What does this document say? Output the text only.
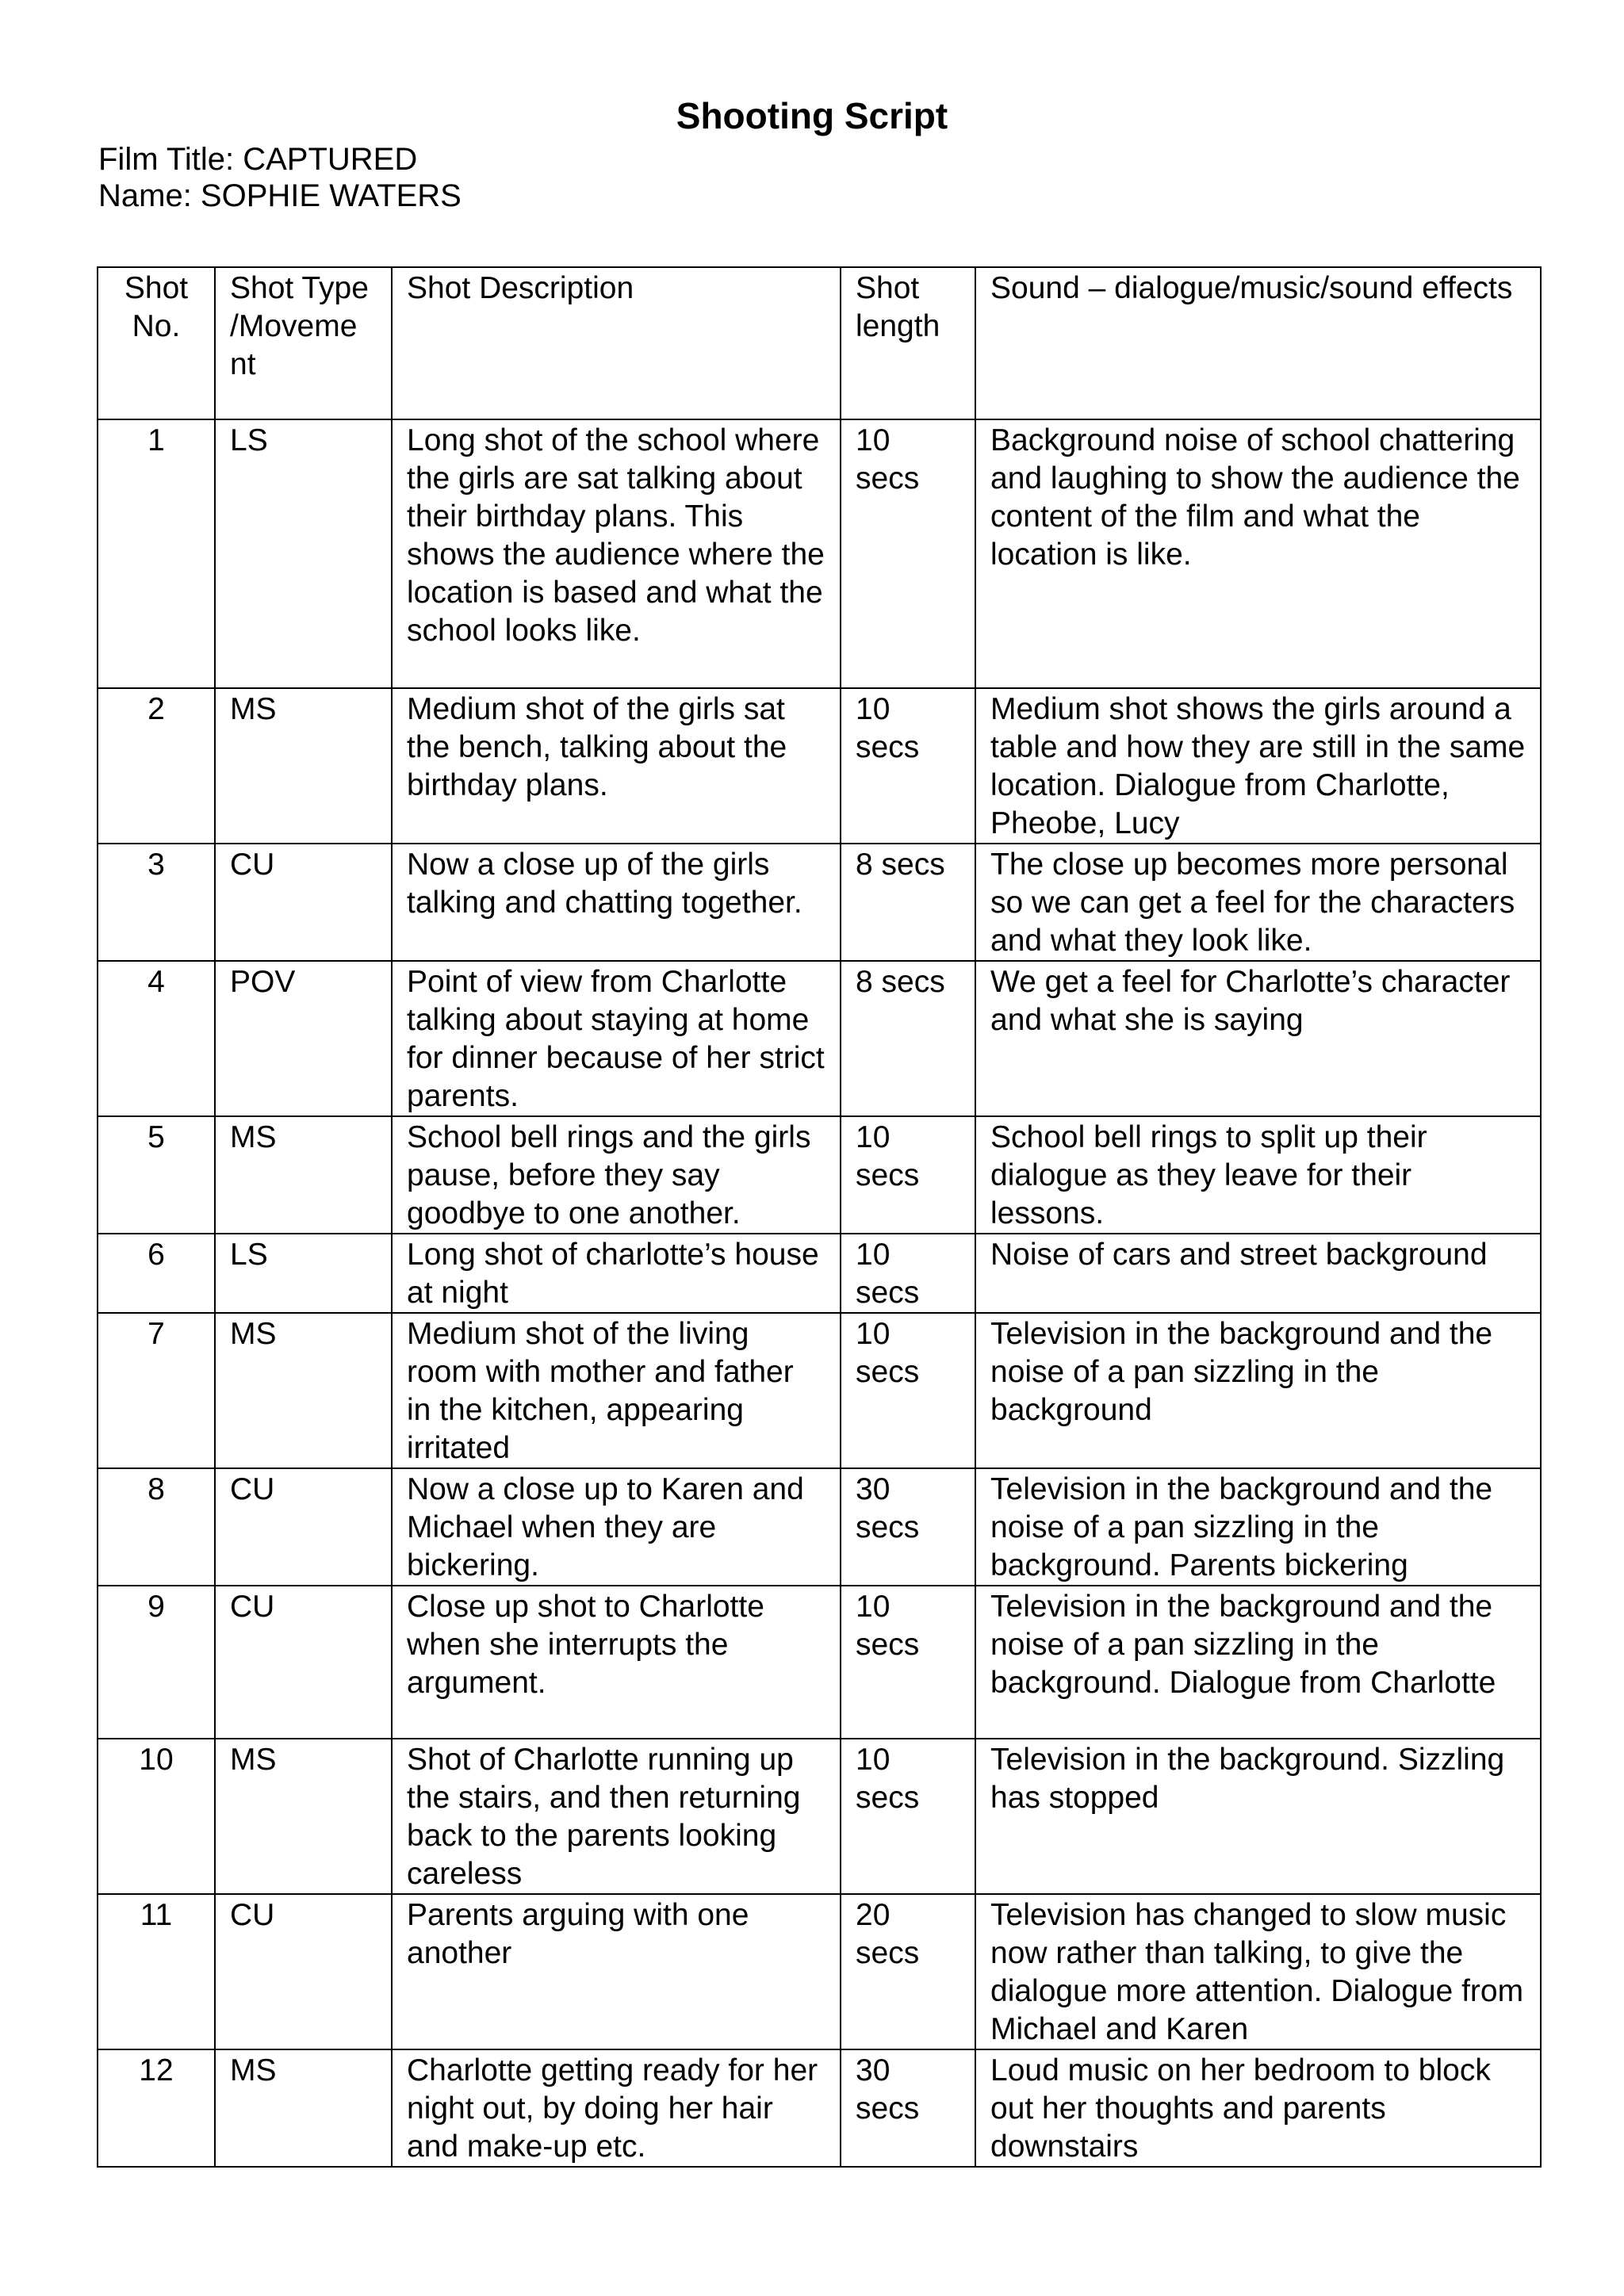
Shooting Script
Film Title: CAPTURED
Name: SOPHIE WATERS
Shot No.	Shot Type /Moveme nt	Shot Description	Shot length	Sound – dialogue/music/sound effects
1	LS	Long shot of the school where the girls are sat talking about their birthday plans. This shows the audience where the location is based and what the school looks like.	10 secs	Background noise of school chattering and laughing to show the audience the content of the film and what the location is like.
2	MS	Medium shot of the girls sat the bench, talking about the birthday plans.	10 secs	Medium shot shows the girls around a table and how they are still in the same location. Dialogue from Charlotte, Pheobe, Lucy
3	CU	Now a close up of the girls talking and chatting together.	8 secs	The close up becomes more personal so we can get a feel for the characters and what they look like.
4	POV	Point of view from Charlotte talking about staying at home for dinner because of her strict parents.	8 secs	We get a feel for Charlotte’s character and what she is saying
5	MS	School bell rings and the girls pause, before they say goodbye to one another.	10 secs	School bell rings to split up their dialogue as they leave for their lessons.
6	LS	Long shot of charlotte’s house at night	10 secs	Noise of cars and street background
7	MS	Medium shot of the living room with mother and father in the kitchen, appearing irritated	10 secs	Television in the background and the noise of a pan sizzling in the background
8	CU	Now a close up to Karen and Michael when they are bickering.	30 secs	Television in the background and the noise of a pan sizzling in the background. Parents bickering
9	CU	Close up shot to Charlotte when she interrupts the argument.	10 secs	Television in the background and the noise of a pan sizzling in the background. Dialogue from Charlotte
10	MS	Shot of Charlotte running up the stairs, and then returning back to the parents looking careless	10 secs	Television in the background. Sizzling has stopped
11	CU	Parents arguing with one another	20 secs	Television has changed to slow music now rather than talking, to give the dialogue more attention. Dialogue from Michael and Karen
12	MS	Charlotte getting ready for her night out, by doing her hair and make-up etc.	30 secs	Loud music on her bedroom to block out her thoughts and parents downstairs
